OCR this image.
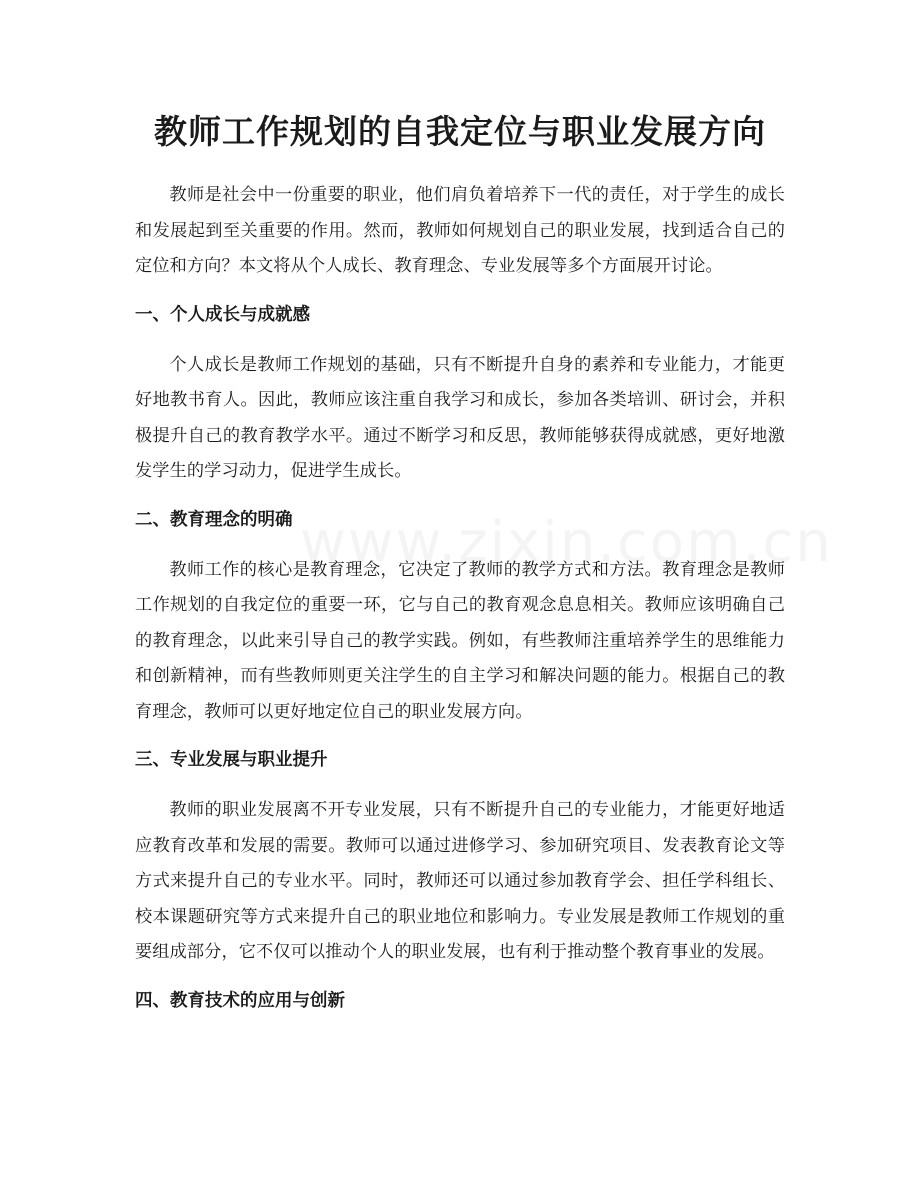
教师工作规划的自我定位与职业发展方向

教师是社会中一份重要的职业，他们肩负着培养下一代的责任，对于学生的成长和发展起到至关重要的作用。然而，教师如何规划自己的职业发展，找到适合自己的定位和方向？本文将从个人成长、教育理念、专业发展等多个方面展开讨论。

一、个人成长与成就感

个人成长是教师工作规划的基础，只有不断提升自身的素养和专业能力，才能更好地教书育人。因此，教师应该注重自我学习和成长，参加各类培训、研讨会，并积极提升自己的教育教学水平。通过不断学习和反思，教师能够获得成就感，更好地激发学生的学习动力，促进学生成长。

二、教育理念的明确

教师工作的核心是教育理念，它决定了教师的教学方式和方法。教育理念是教师工作规划的自我定位的重要一环，它与自己的教育观念息息相关。教师应该明确自己的教育理念，以此来引导自己的教学实践。例如，有些教师注重培养学生的思维能力和创新精神，而有些教师则更关注学生的自主学习和解决问题的能力。根据自己的教育理念，教师可以更好地定位自己的职业发展方向。

三、专业发展与职业提升

教师的职业发展离不开专业发展，只有不断提升自己的专业能力，才能更好地适应教育改革和发展的需要。教师可以通过进修学习、参加研究项目、发表教育论文等方式来提升自己的专业水平。同时，教师还可以通过参加教育学会、担任学科组长、校本课题研究等方式来提升自己的职业地位和影响力。专业发展是教师工作规划的重要组成部分，它不仅可以推动个人的职业发展，也有利于推动整个教育事业的发展。

四、教育技术的应用与创新
